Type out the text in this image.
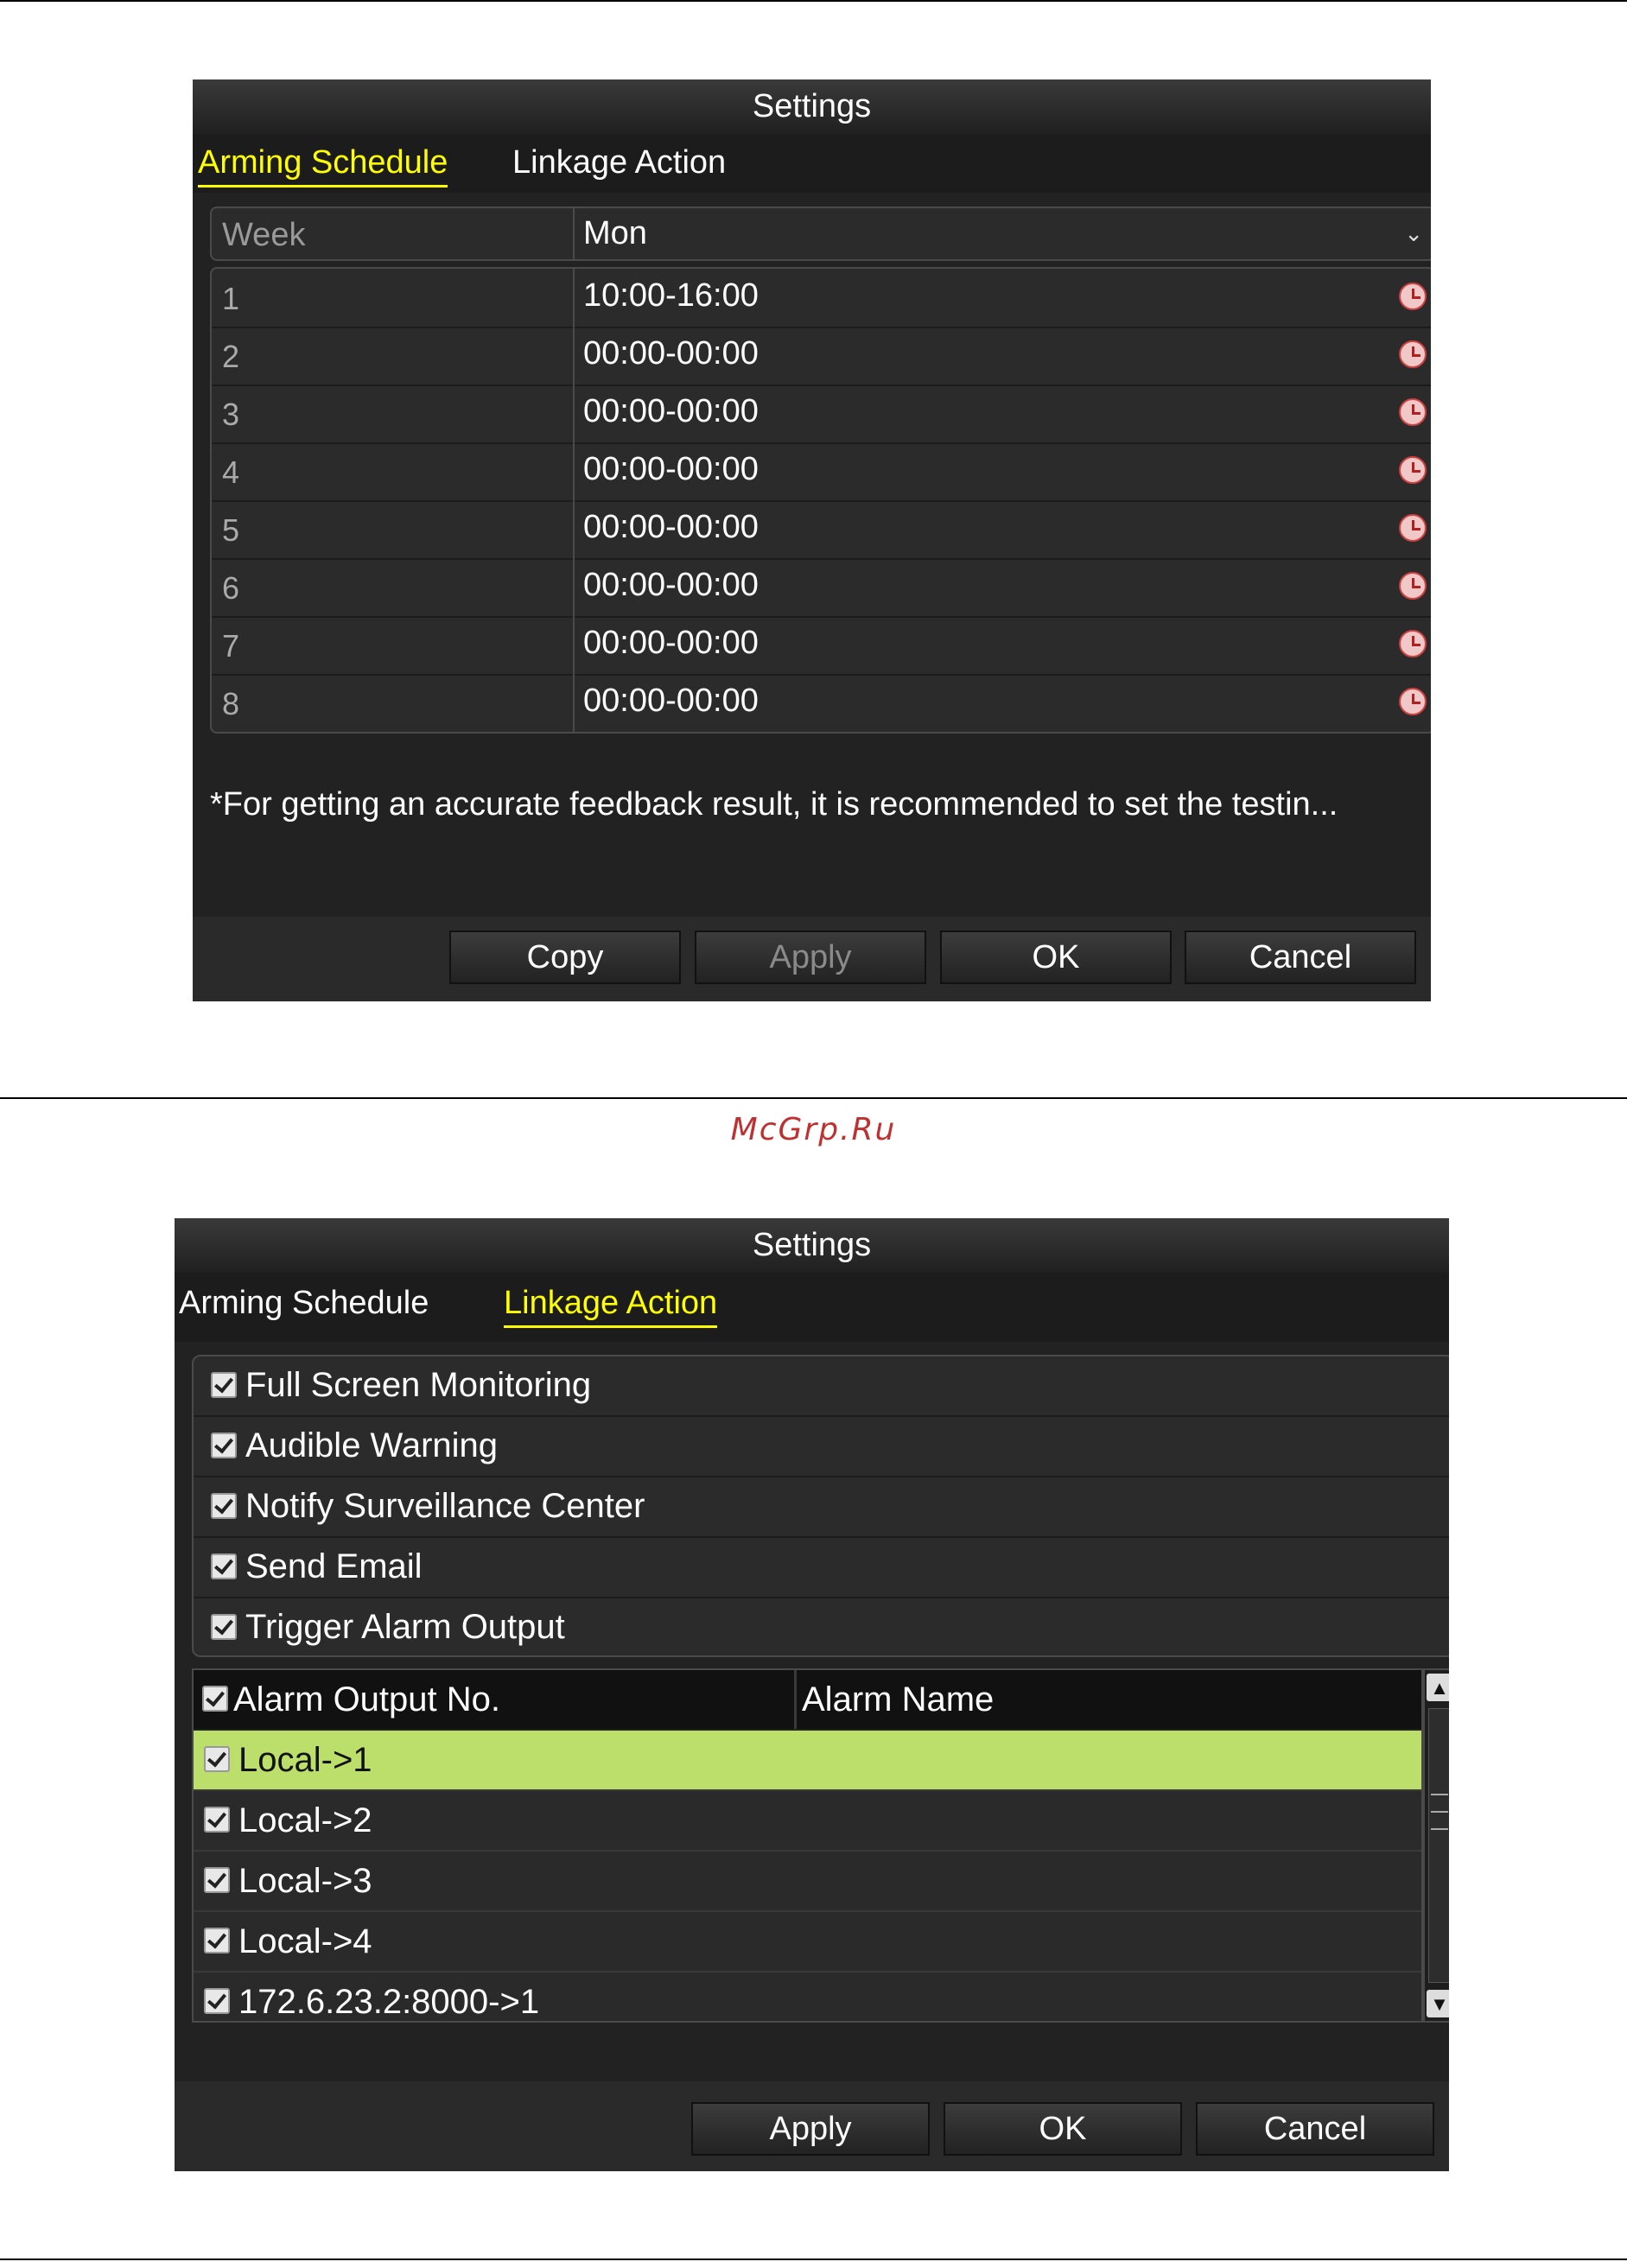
Settings
Arming Schedule Linkage Action
Week	Mon	⌄
1	10:00-16:00
2	00:00-00:00
3	00:00-00:00
4	00:00-00:00
5	00:00-00:00
6	00:00-00:00
7	00:00-00:00
8	00:00-00:00
*For getting an accurate feedback result, it is recommended to set the testin...
Copy	Apply	OK	Cancel
McGrp.Ru
Settings
Arming Schedule Linkage Action
Full Screen Monitoring
Audible Warning
Notify Surveillance Center
Send Email
Trigger Alarm Output
Alarm Output No.	Alarm Name
Local->1
Local->2
Local->3
Local->4
172.6.23.2:8000->1
▲
▼
Apply	OK	Cancel
